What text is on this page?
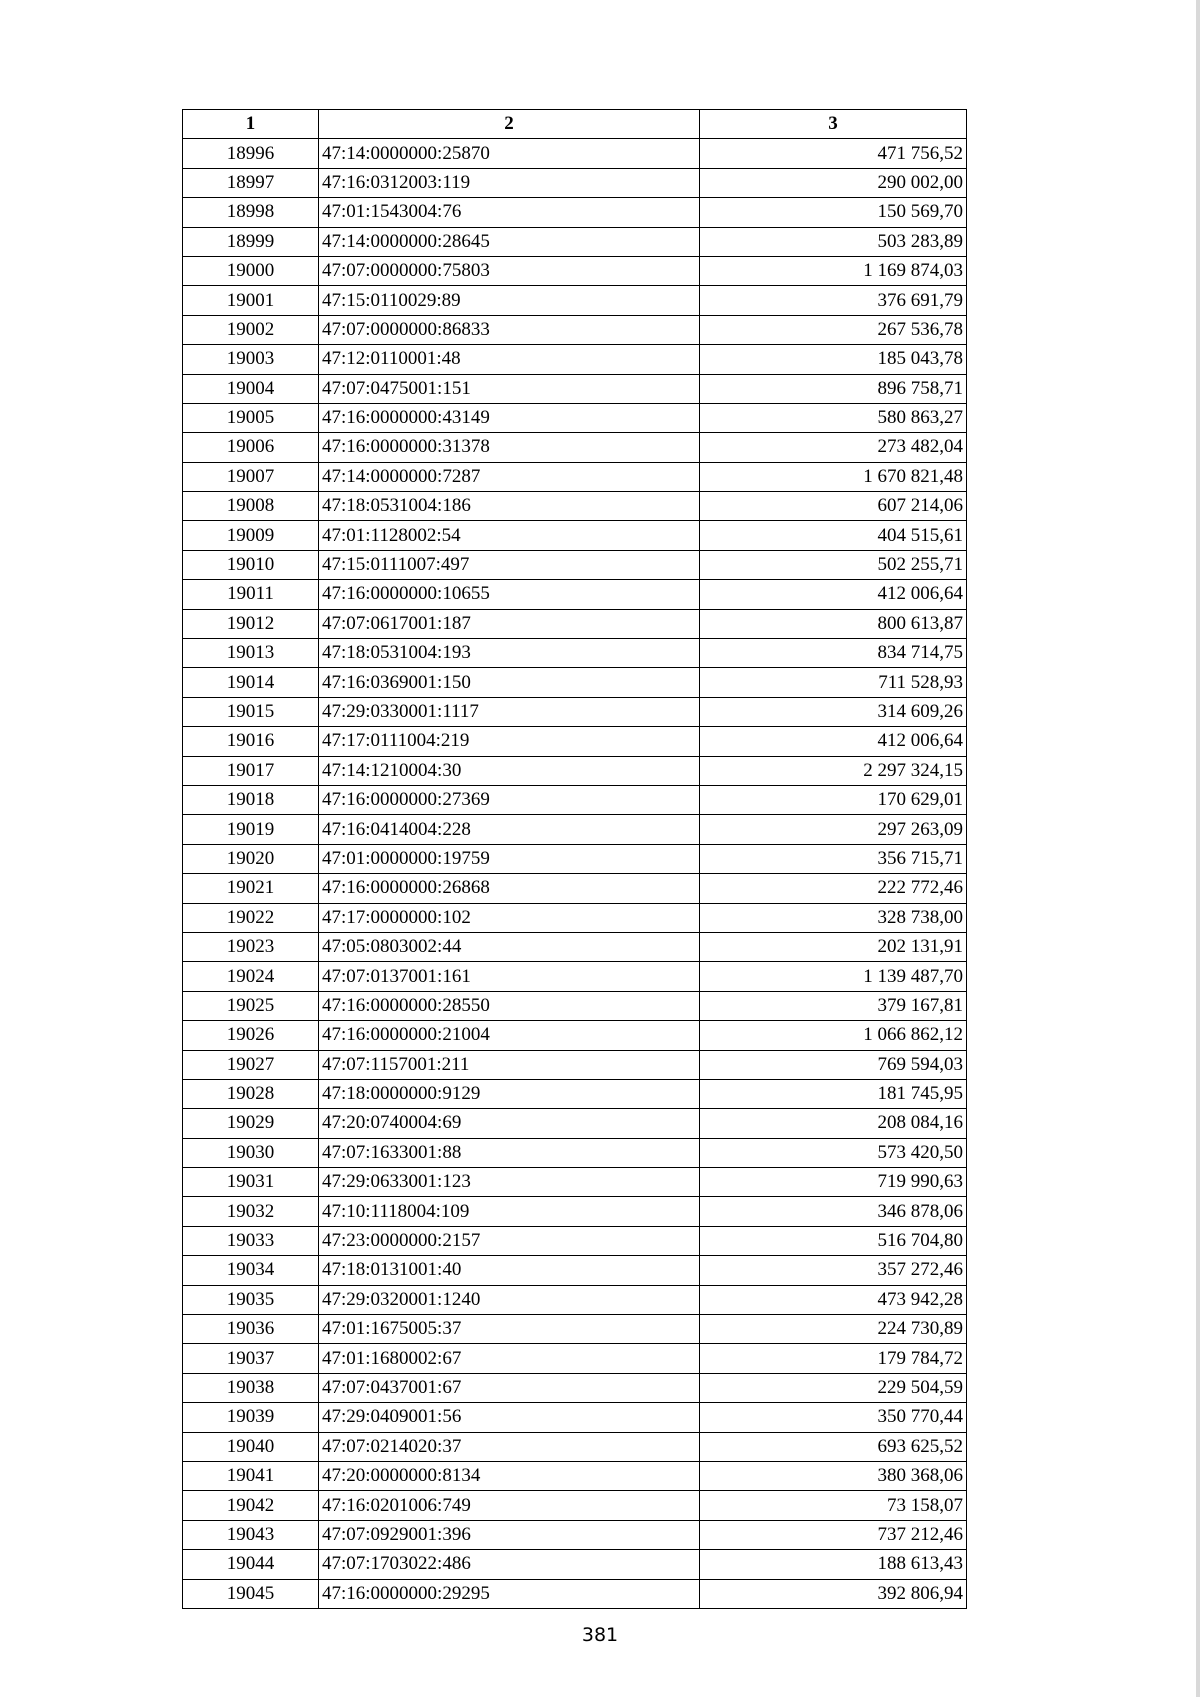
1	2	3
18996	47:14:0000000:25870	471 756,52
18997	47:16:0312003:119	290 002,00
18998	47:01:1543004:76	150 569,70
18999	47:14:0000000:28645	503 283,89
19000	47:07:0000000:75803	1 169 874,03
19001	47:15:0110029:89	376 691,79
19002	47:07:0000000:86833	267 536,78
19003	47:12:0110001:48	185 043,78
19004	47:07:0475001:151	896 758,71
19005	47:16:0000000:43149	580 863,27
19006	47:16:0000000:31378	273 482,04
19007	47:14:0000000:7287	1 670 821,48
19008	47:18:0531004:186	607 214,06
19009	47:01:1128002:54	404 515,61
19010	47:15:0111007:497	502 255,71
19011	47:16:0000000:10655	412 006,64
19012	47:07:0617001:187	800 613,87
19013	47:18:0531004:193	834 714,75
19014	47:16:0369001:150	711 528,93
19015	47:29:0330001:1117	314 609,26
19016	47:17:0111004:219	412 006,64
19017	47:14:1210004:30	2 297 324,15
19018	47:16:0000000:27369	170 629,01
19019	47:16:0414004:228	297 263,09
19020	47:01:0000000:19759	356 715,71
19021	47:16:0000000:26868	222 772,46
19022	47:17:0000000:102	328 738,00
19023	47:05:0803002:44	202 131,91
19024	47:07:0137001:161	1 139 487,70
19025	47:16:0000000:28550	379 167,81
19026	47:16:0000000:21004	1 066 862,12
19027	47:07:1157001:211	769 594,03
19028	47:18:0000000:9129	181 745,95
19029	47:20:0740004:69	208 084,16
19030	47:07:1633001:88	573 420,50
19031	47:29:0633001:123	719 990,63
19032	47:10:1118004:109	346 878,06
19033	47:23:0000000:2157	516 704,80
19034	47:18:0131001:40	357 272,46
19035	47:29:0320001:1240	473 942,28
19036	47:01:1675005:37	224 730,89
19037	47:01:1680002:67	179 784,72
19038	47:07:0437001:67	229 504,59
19039	47:29:0409001:56	350 770,44
19040	47:07:0214020:37	693 625,52
19041	47:20:0000000:8134	380 368,06
19042	47:16:0201006:749	73 158,07
19043	47:07:0929001:396	737 212,46
19044	47:07:1703022:486	188 613,43
19045	47:16:0000000:29295	392 806,94
381
